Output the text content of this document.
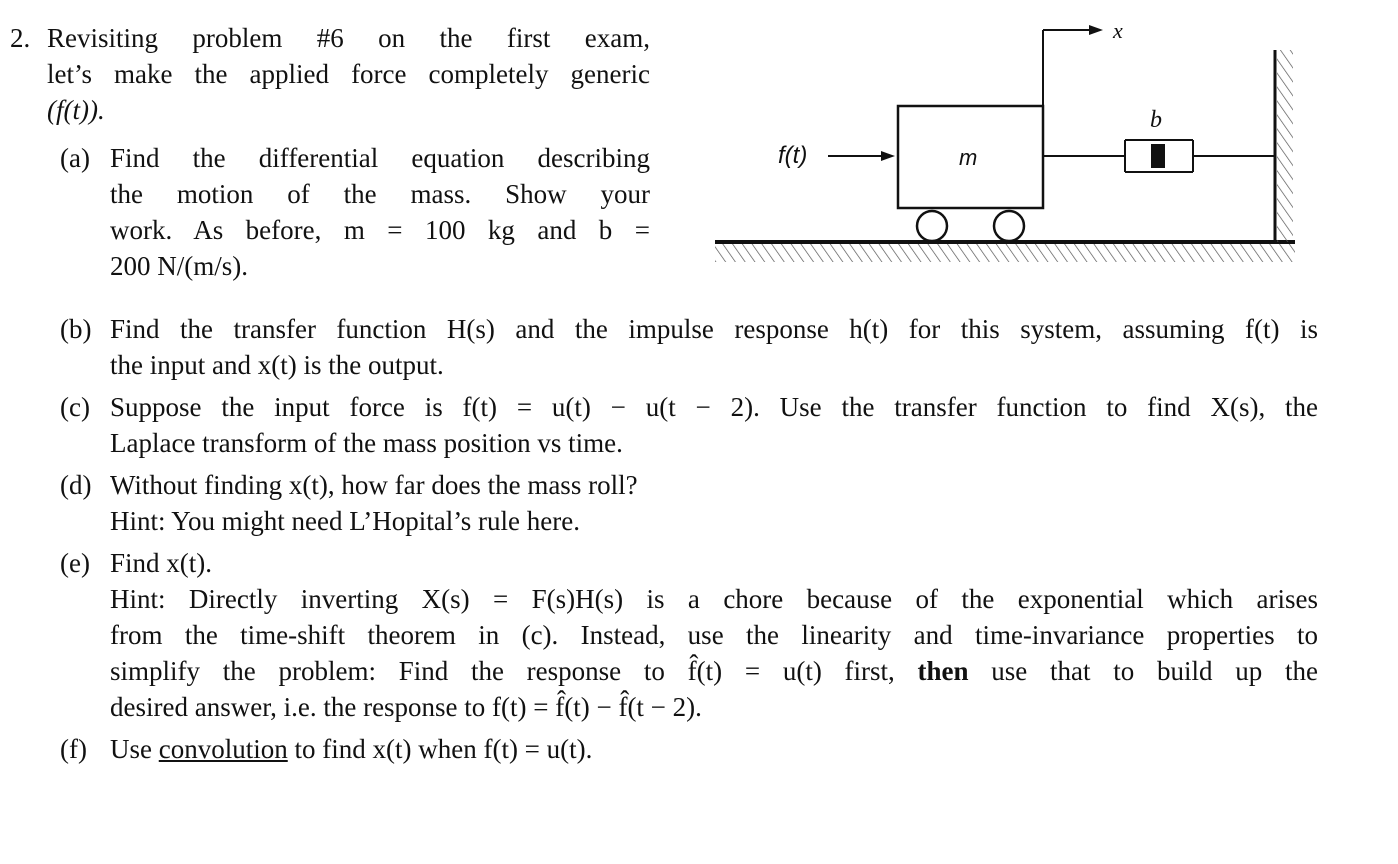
2. Revisiting problem #6 on the first exam,
let’s make the applied force completely generic
(f(t)).
(a) Find the differential equation describing
the motion of the mass. Show your
work. As before, m = 100 kg and b =
200 N/(m/s).
m
f(t)
x
b
(b) Find the transfer function H(s) and the impulse response h(t) for this system, assuming f(t) is
the input and x(t) is the output.
(c) Suppose the input force is f(t) = u(t) − u(t − 2). Use the transfer function to find X(s), the
Laplace transform of the mass position vs time.
(d) Without finding x(t), how far does the mass roll?
Hint: You might need L’Hopital’s rule here.
(e) Find x(t).
Hint: Directly inverting X(s) = F(s)H(s) is a chore because of the exponential which arises
from the time-shift theorem in (c). Instead, use the linearity and time-invariance properties to
simplify the problem: Find the response to f̂(t) = u(t) first, then use that to build up the
desired answer, i.e. the response to f(t) = f̂(t) − f̂(t − 2).
(f) Use convolution to find x(t) when f(t) = u(t).
